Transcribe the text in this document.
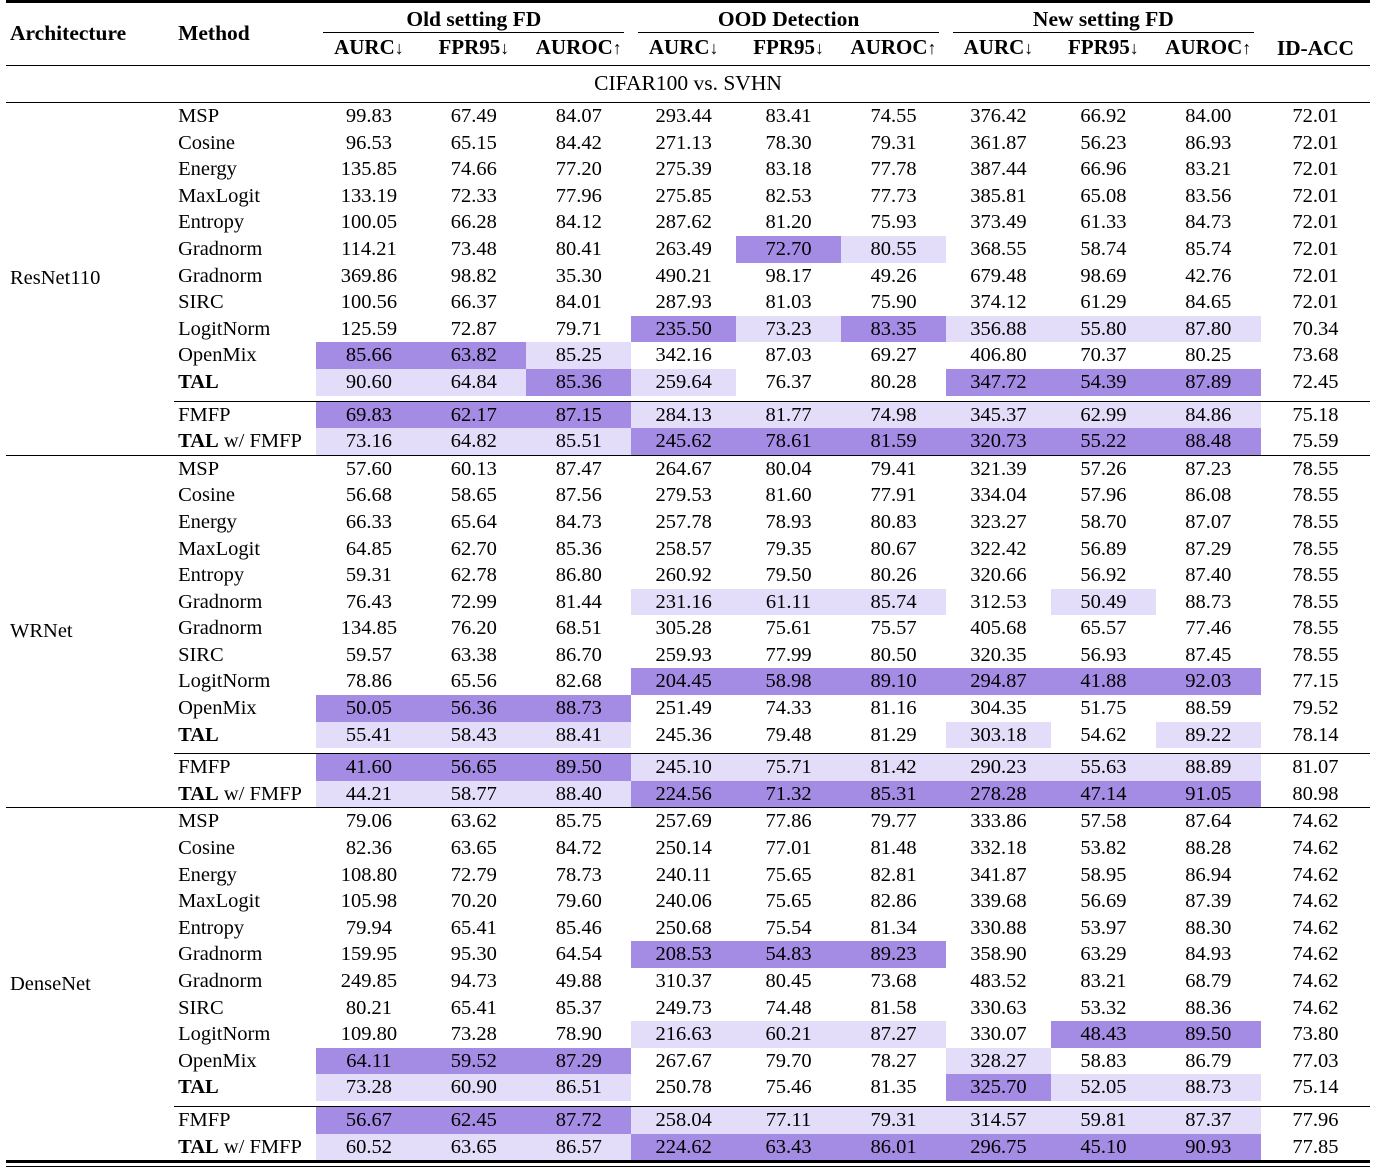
Architecture	Method	Old setting FD			OOD Detection			New setting FD			ID-ACC
		AURC↓	FPR95↓	AUROC↑	AURC↓	FPR95↓	AUROC↑	AURC↓	FPR95↓	AUROC↑	

CIFAR100 vs. SVHN											

ResNet110	MSP	99.83	67.49	84.07	293.44	83.41	74.55	376.42	66.92	84.00	72.01
	Cosine	96.53	65.15	84.42	271.13	78.30	79.31	361.87	56.23	86.93	72.01
	Energy	135.85	74.66	77.20	275.39	83.18	77.78	387.44	66.96	83.21	72.01
	MaxLogit	133.19	72.33	77.96	275.85	82.53	77.73	385.81	65.08	83.56	72.01
	Entropy	100.05	66.28	84.12	287.62	81.20	75.93	373.49	61.33	84.73	72.01
	Gradnorm	114.21	73.48	80.41	263.49	72.70	80.55	368.55	58.74	85.74	72.01
	Gradnorm	369.86	98.82	35.30	490.21	98.17	49.26	679.48	98.69	42.76	72.01
	SIRC	100.56	66.37	84.01	287.93	81.03	75.90	374.12	61.29	84.65	72.01
	LogitNorm	125.59	72.87	79.71	235.50	73.23	83.35	356.88	55.80	87.80	70.34
	OpenMix	85.66	63.82	85.25	342.16	87.03	69.27	406.80	70.37	80.25	73.68
	TAL	90.60	64.84	85.36	259.64	76.37	80.28	347.72	54.39	87.89	72.45

	FMFP	69.83	62.17	87.15	284.13	81.77	74.98	345.37	62.99	84.86	75.18
	TAL w/ FMFP	73.16	64.82	85.51	245.62	78.61	81.59	320.73	55.22	88.48	75.59

WRNet	MSP	57.60	60.13	87.47	264.67	80.04	79.41	321.39	57.26	87.23	78.55
	Cosine	56.68	58.65	87.56	279.53	81.60	77.91	334.04	57.96	86.08	78.55
	Energy	66.33	65.64	84.73	257.78	78.93	80.83	323.27	58.70	87.07	78.55
	MaxLogit	64.85	62.70	85.36	258.57	79.35	80.67	322.42	56.89	87.29	78.55
	Entropy	59.31	62.78	86.80	260.92	79.50	80.26	320.66	56.92	87.40	78.55
	Gradnorm	76.43	72.99	81.44	231.16	61.11	85.74	312.53	50.49	88.73	78.55
	Gradnorm	134.85	76.20	68.51	305.28	75.61	75.57	405.68	65.57	77.46	78.55
	SIRC	59.57	63.38	86.70	259.93	77.99	80.50	320.35	56.93	87.45	78.55
	LogitNorm	78.86	65.56	82.68	204.45	58.98	89.10	294.87	41.88	92.03	77.15
	OpenMix	50.05	56.36	88.73	251.49	74.33	81.16	304.35	51.75	88.59	79.52
	TAL	55.41	58.43	88.41	245.36	79.48	81.29	303.18	54.62	89.22	78.14

	FMFP	41.60	56.65	89.50	245.10	75.71	81.42	290.23	55.63	88.89	81.07
	TAL w/ FMFP	44.21	58.77	88.40	224.56	71.32	85.31	278.28	47.14	91.05	80.98

DenseNet	MSP	79.06	63.62	85.75	257.69	77.86	79.77	333.86	57.58	87.64	74.62
	Cosine	82.36	63.65	84.72	250.14	77.01	81.48	332.18	53.82	88.28	74.62
	Energy	108.80	72.79	78.73	240.11	75.65	82.81	341.87	58.95	86.94	74.62
	MaxLogit	105.98	70.20	79.60	240.06	75.65	82.86	339.68	56.69	87.39	74.62
	Entropy	79.94	65.41	85.46	250.68	75.54	81.34	330.88	53.97	88.30	74.62
	Gradnorm	159.95	95.30	64.54	208.53	54.83	89.23	358.90	63.29	84.93	74.62
	Gradnorm	249.85	94.73	49.88	310.37	80.45	73.68	483.52	83.21	68.79	74.62
	SIRC	80.21	65.41	85.37	249.73	74.48	81.58	330.63	53.32	88.36	74.62
	LogitNorm	109.80	73.28	78.90	216.63	60.21	87.27	330.07	48.43	89.50	73.80
	OpenMix	64.11	59.52	87.29	267.67	79.70	78.27	328.27	58.83	86.79	77.03
	TAL	73.28	60.90	86.51	250.78	75.46	81.35	325.70	52.05	88.73	75.14

	FMFP	56.67	62.45	87.72	258.04	77.11	79.31	314.57	59.81	87.37	77.96
	TAL w/ FMFP	60.52	63.65	86.57	224.62	63.43	86.01	296.75	45.10	90.93	77.85
